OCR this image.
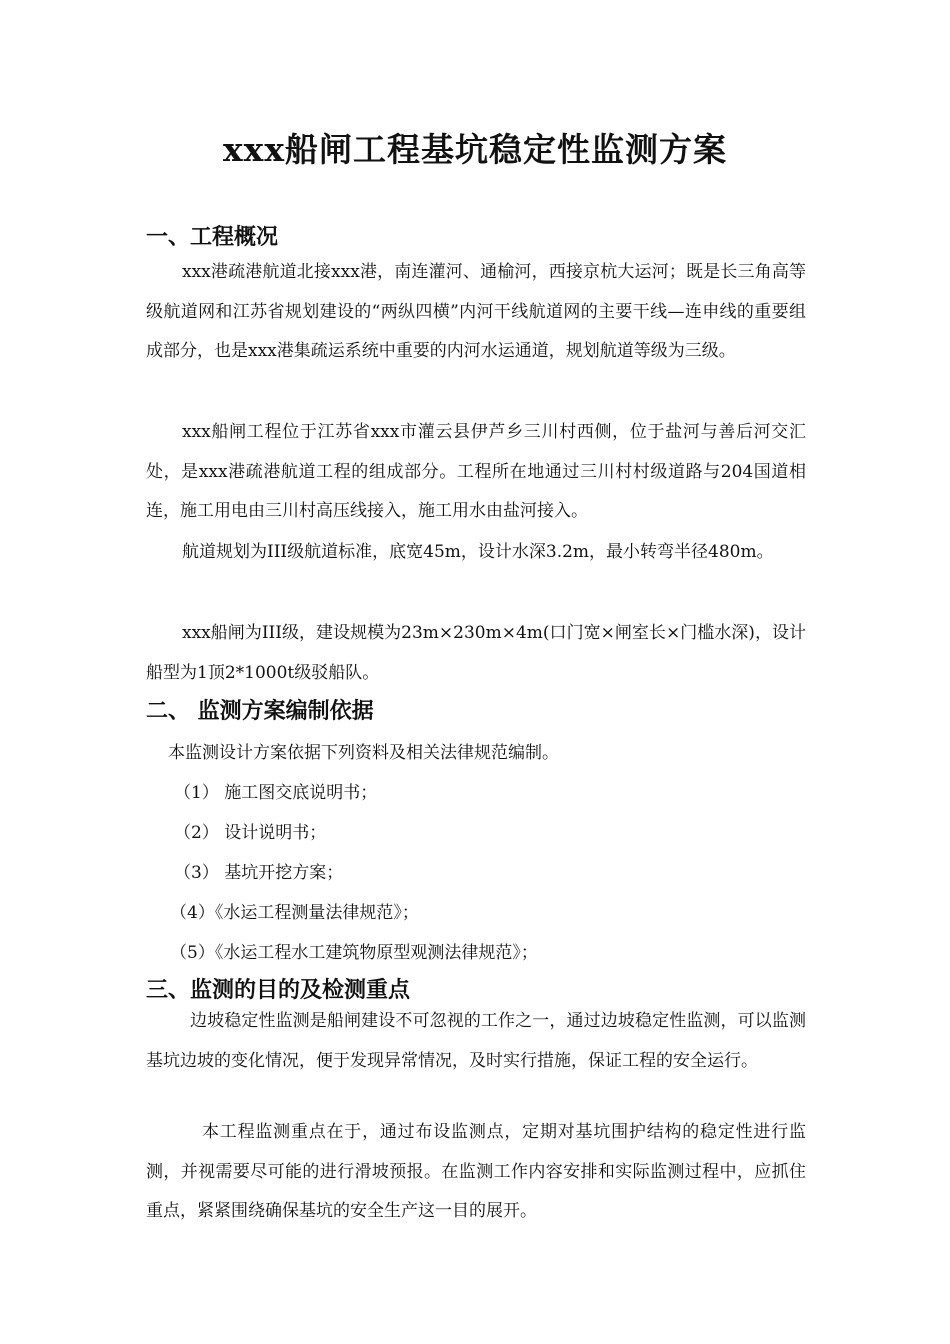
xxx船闸工程基坑稳定性监测方案
一、工程概况
xxx港疏港航道北接xxx港，南连灌河、通榆河，西接京杭大运河；既是长三角高等级航道网和江苏省规划建设的“两纵四横”内河干线航道网的主要干线—连申线的重要组成部分，也是xxx港集疏运系统中重要的内河水运通道，规划航道等级为三级。
xxx船闸工程位于江苏省xxx市灌云县伊芦乡三川村西侧，位于盐河与善后河交汇处，是xxx港疏港航道工程的组成部分。工程所在地通过三川村村级道路与204国道相连，施工用电由三川村高压线接入，施工用水由盐河接入。
航道规划为III级航道标准，底宽45m，设计水深3.2m，最小转弯半径480m。
xxx船闸为III级，建设规模为23m×230m×4m(口门宽×闸室长×门槛水深)，设计船型为1顶2*1000t级驳船队。
二、 监测方案编制依据
本监测设计方案依据下列资料及相关法律规范编制。
（1） 施工图交底说明书；
（2） 设计说明书；
（3） 基坑开挖方案；
（4）《水运工程测量法律规范》；
（5）《水运工程水工建筑物原型观测法律规范》；
三、监测的目的及检测重点
边坡稳定性监测是船闸建设不可忽视的工作之一，通过边坡稳定性监测，可以监测基坑边坡的变化情况，便于发现异常情况，及时实行措施，保证工程的安全运行。
本工程监测重点在于，通过布设监测点，定期对基坑围护结构的稳定性进行监测，并视需要尽可能的进行滑坡预报。在监测工作内容安排和实际监测过程中，应抓住重点，紧紧围绕确保基坑的安全生产这一目的展开。
